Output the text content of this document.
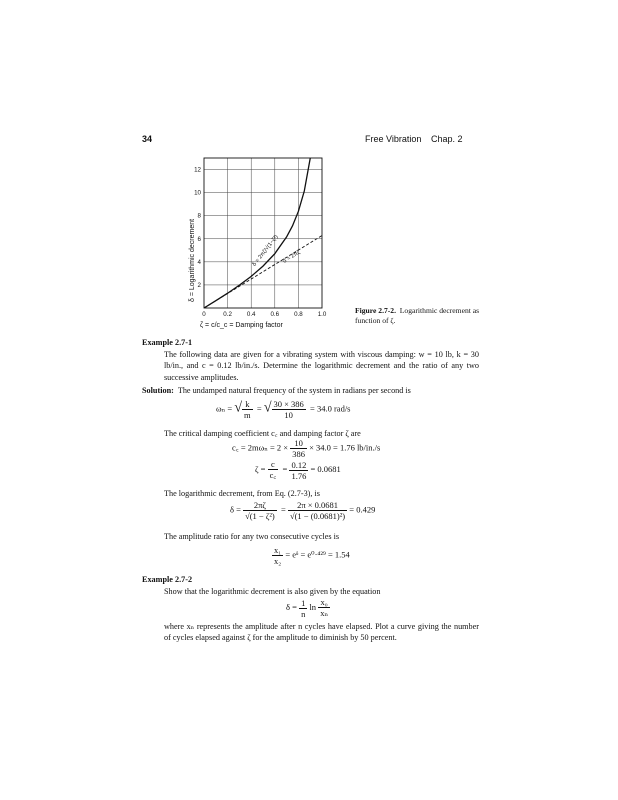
34	Free Vibration Chap. 2
0	0.2 0.4 0.6 0.8 1.0
2
4
6
8
10
12
δ = Logarithmic decrement
ζ = c/c_c = Damping factor
δ = 2πζ/√(1−ζ²) δ = 2πζ
Figure 2.7-2. Logarithmic decrement as function of ζ.
Example 2.7-1
The following data are given for a vibrating system with viscous damping: w = 10 lb, k = 30 lb/in., and c = 0.12 lb/in./s. Determine the logarithmic decrement and the ratio of any two successive amplitudes.
Solution: The undamped natural frequency of the system in radians per second is
ωₙ = √ $\frac{k}{m}$ = √ $\frac{30 \times 386}{10} = 34.0$ rad/s
The critical damping coefficient c꜀ and damping factor ζ are
c꜀ = $2m\omega_n = 2 \times \frac{10}{386} \times 34.0 = 1.76$ lb/in./s
$\zeta = \frac{c}{c꜀} = \frac{0.12}{1.76} = 0.0681$
The logarithmic decrement, from Eq. (2.7-3), is
$\delta = \frac{2\pi\zeta}{\text{√(1 − ζ²)}} = \frac{2\pi \times 0.0681}{\text{√(1 − (0.0681)²)}} = 0.429$
The amplitude ratio for any two consecutive cycles is
$\frac{\text{x₁}}{\text{x₂}}$ = eᵟ = e⁰·⁴²⁹ = 1.54
Example 2.7-2
Show that the logarithmic decrement is also given by the equation
$\delta = \frac{1}{n}$ $\ln \frac{\text{x₀}}{\text{xₙ}}$
where xₙ represents the amplitude after n cycles have elapsed. Plot a curve giving the number of cycles elapsed against ζ for the amplitude to diminish by 50 percent.
